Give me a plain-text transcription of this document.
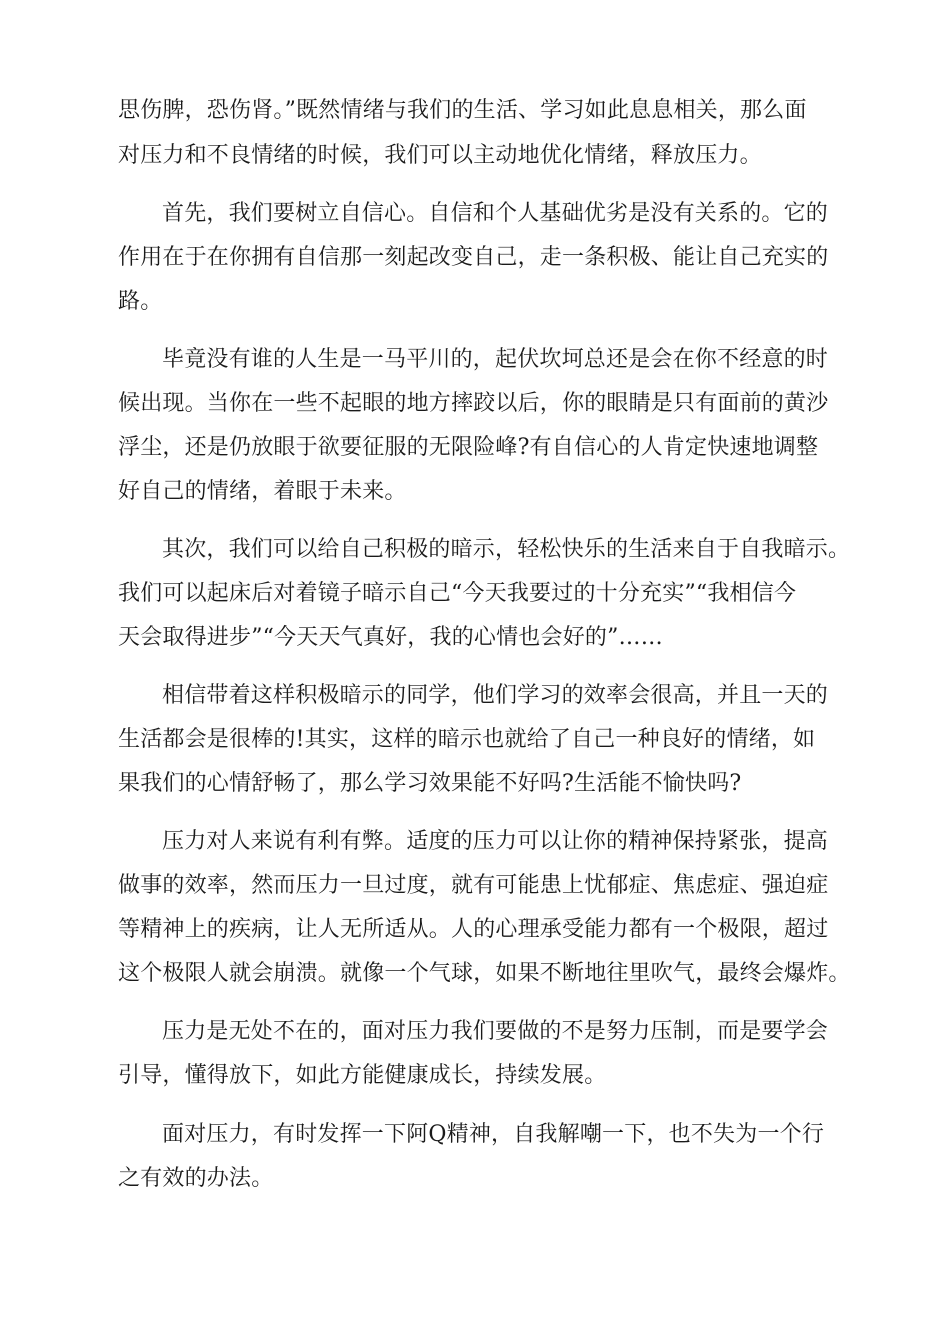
思伤脾，恐伤肾。”既然情绪与我们的生活、学习如此息息相关，那么面
对压力和不良情绪的时候，我们可以主动地优化情绪，释放压力。
首先，我们要树立自信心。自信和个人基础优劣是没有关系的。它的
作用在于在你拥有自信那一刻起改变自己，走一条积极、能让自己充实的
路。
毕竟没有谁的人生是一马平川的，起伏坎坷总还是会在你不经意的时
候出现。当你在一些不起眼的地方摔跤以后，你的眼睛是只有面前的黄沙
浮尘，还是仍放眼于欲要征服的无限险峰?有自信心的人肯定快速地调整
好自己的情绪，着眼于未来。
其次，我们可以给自己积极的暗示，轻松快乐的生活来自于自我暗示。
我们可以起床后对着镜子暗示自己“今天我要过的十分充实”“我相信今
天会取得进步”“今天天气真好，我的心情也会好的”……
相信带着这样积极暗示的同学，他们学习的效率会很高，并且一天的
生活都会是很棒的!其实，这样的暗示也就给了自己一种良好的情绪，如
果我们的心情舒畅了，那么学习效果能不好吗?生活能不愉快吗?
压力对人来说有利有弊。适度的压力可以让你的精神保持紧张，提高
做事的效率，然而压力一旦过度，就有可能患上忧郁症、焦虑症、强迫症
等精神上的疾病，让人无所适从。人的心理承受能力都有一个极限，超过
这个极限人就会崩溃。就像一个气球，如果不断地往里吹气，最终会爆炸。
压力是无处不在的，面对压力我们要做的不是努力压制，而是要学会
引导，懂得放下，如此方能健康成长，持续发展。
面对压力，有时发挥一下阿Q精神，自我解嘲一下，也不失为一个行
之有效的办法。
